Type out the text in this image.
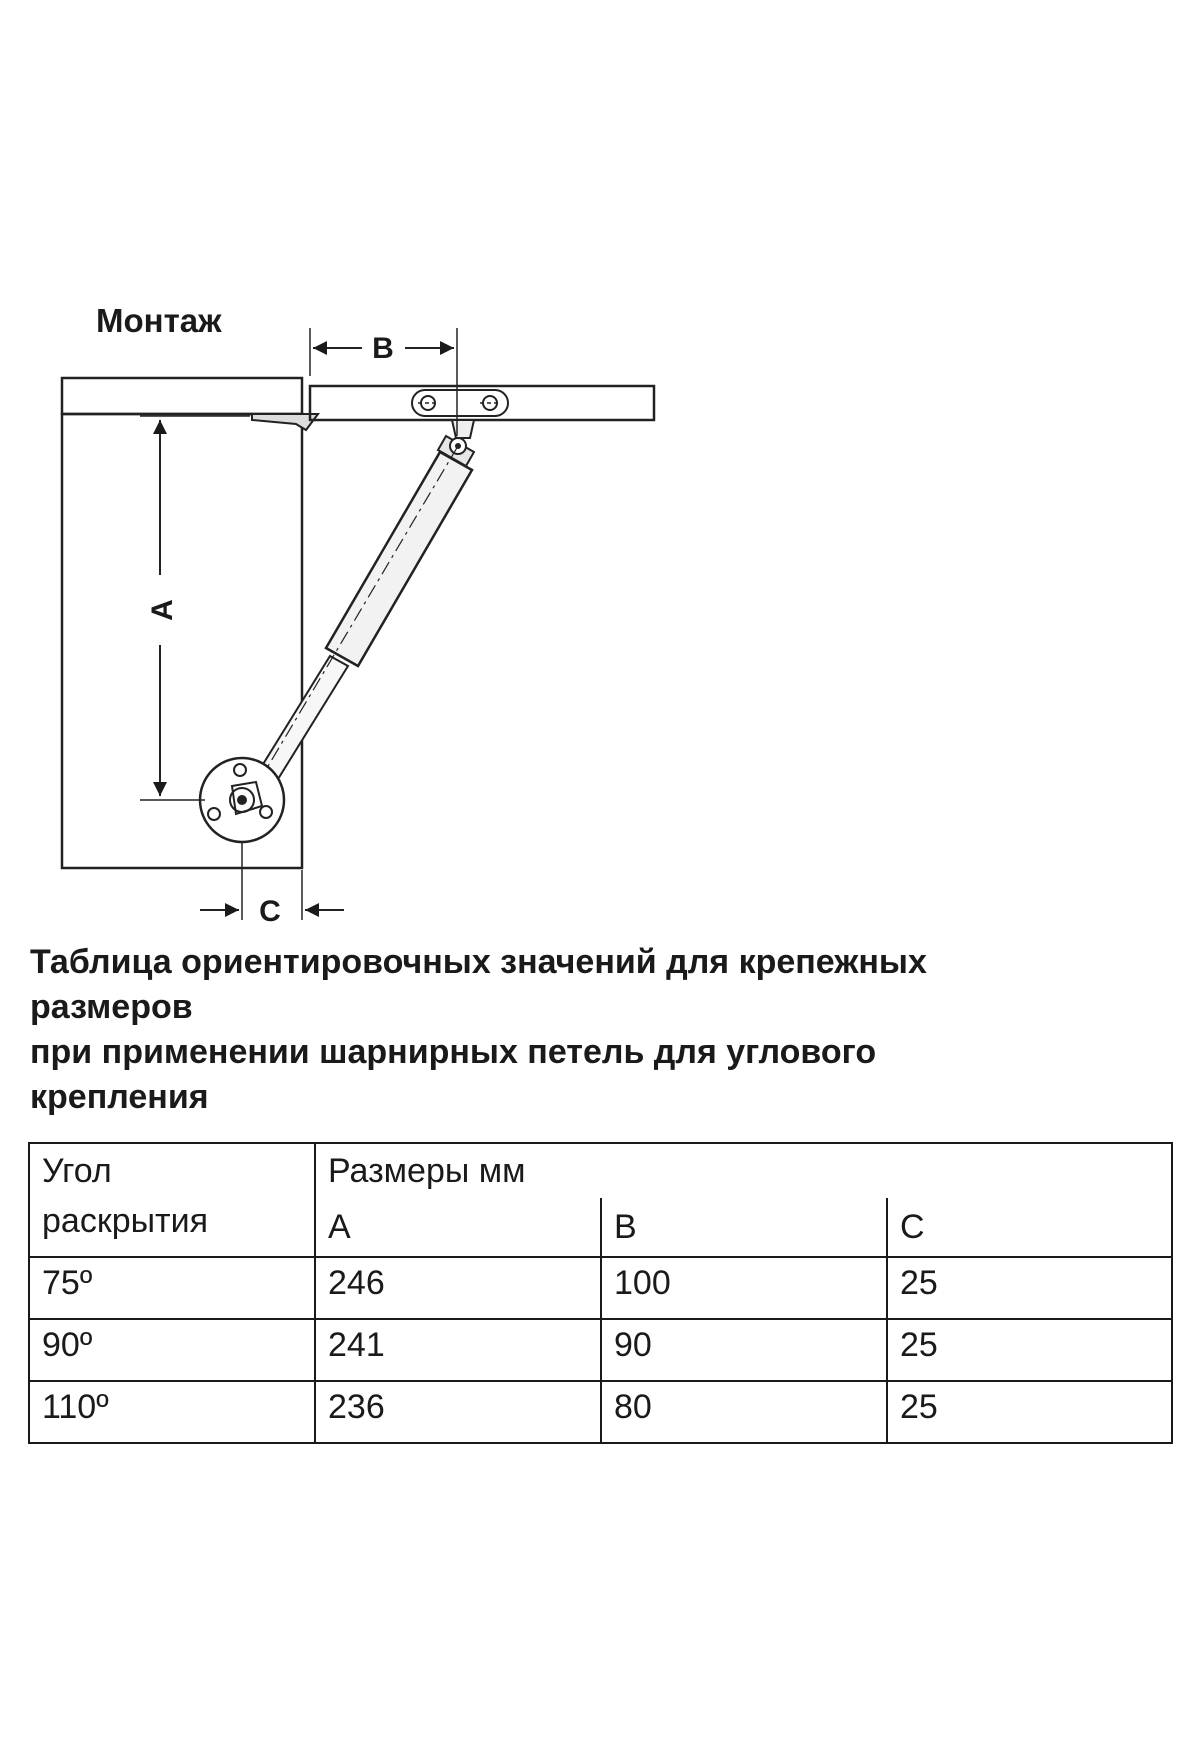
Монтаж
A
B
C
Таблица ориентировочных значений для крепежных
размеров
при применении шарнирных петель для углового
крепления
Угол
раскрытия	Размеры мм		
	A	B	C
75º	246	100	25
90º	241	90	25
110º	236	80	25
